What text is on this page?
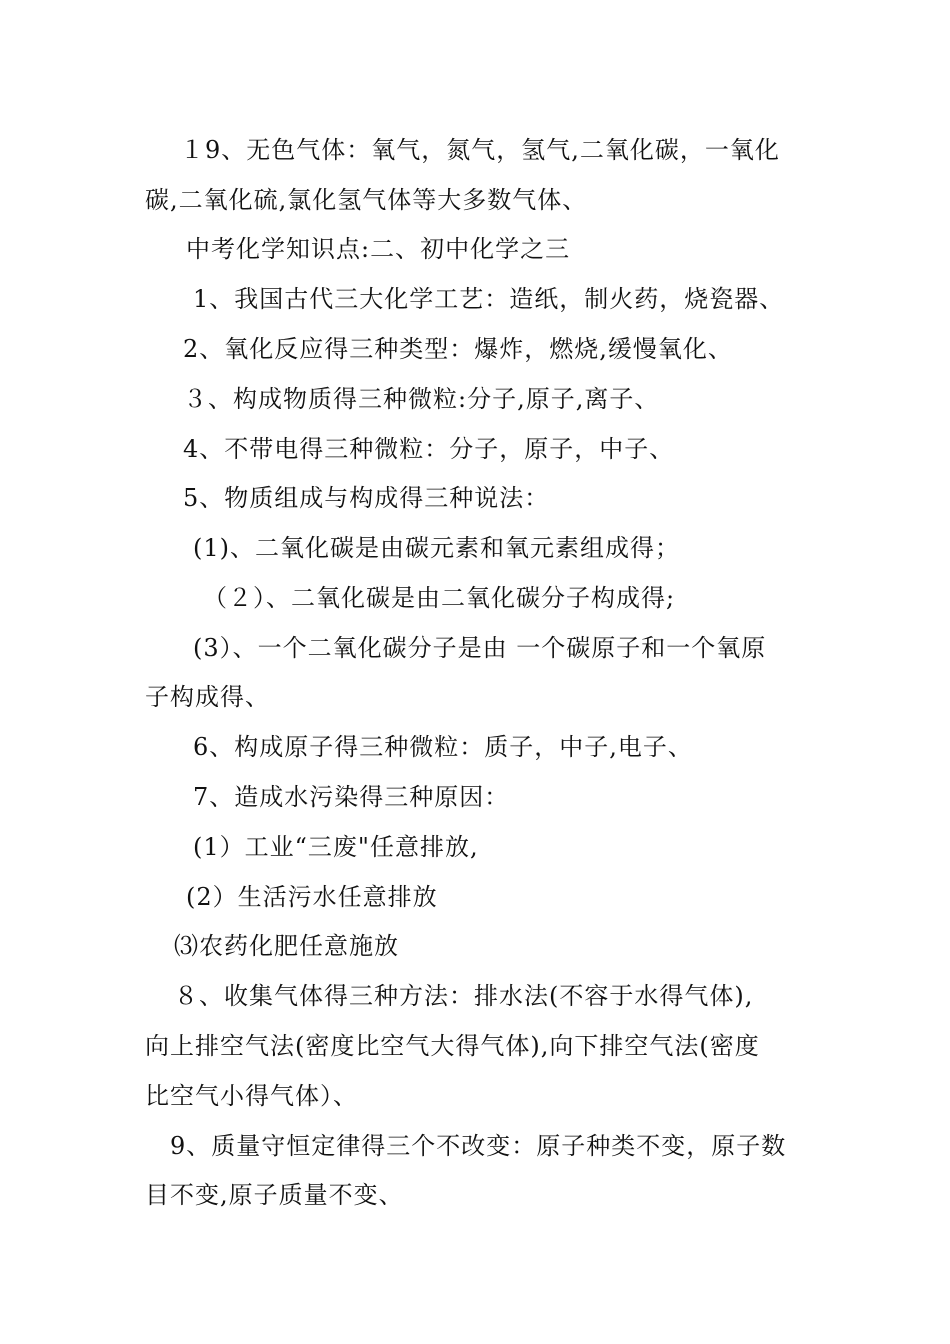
　１9、无色气体：氧气，氮气，氢气,二氧化碳，一氧化
碳,二氧化硫,氯化氢气体等大多数气体、
中考化学知识点:二、初中化学之三
1、我国古代三大化学工艺：造纸，制火药，烧瓷器、
2、氧化反应得三种类型：爆炸，燃烧,缓慢氧化、
３、构成物质得三种微粒:分子,原子,离子、
4、不带电得三种微粒：分子，原子，中子、
5、物质组成与构成得三种说法：
(1)、二氧化碳是由碳元素和氧元素组成得；
（２）、二氧化碳是由二氧化碳分子构成得;
(3）、一个二氧化碳分子是由 一个碳原子和一个氧原
子构成得、
6、构成原子得三种微粒：质子，中子,电子、
7、造成水污染得三种原因：
(1）工业“三废"任意排放,
(2）生活污水任意排放
⑶农药化肥任意施放
８、收集气体得三种方法：排水法(不容于水得气体),
向上排空气法(密度比空气大得气体),向下排空气法(密度
比空气小得气体）、
9、质量守恒定律得三个不改变：原子种类不变，原子数
目不变,原子质量不变、
